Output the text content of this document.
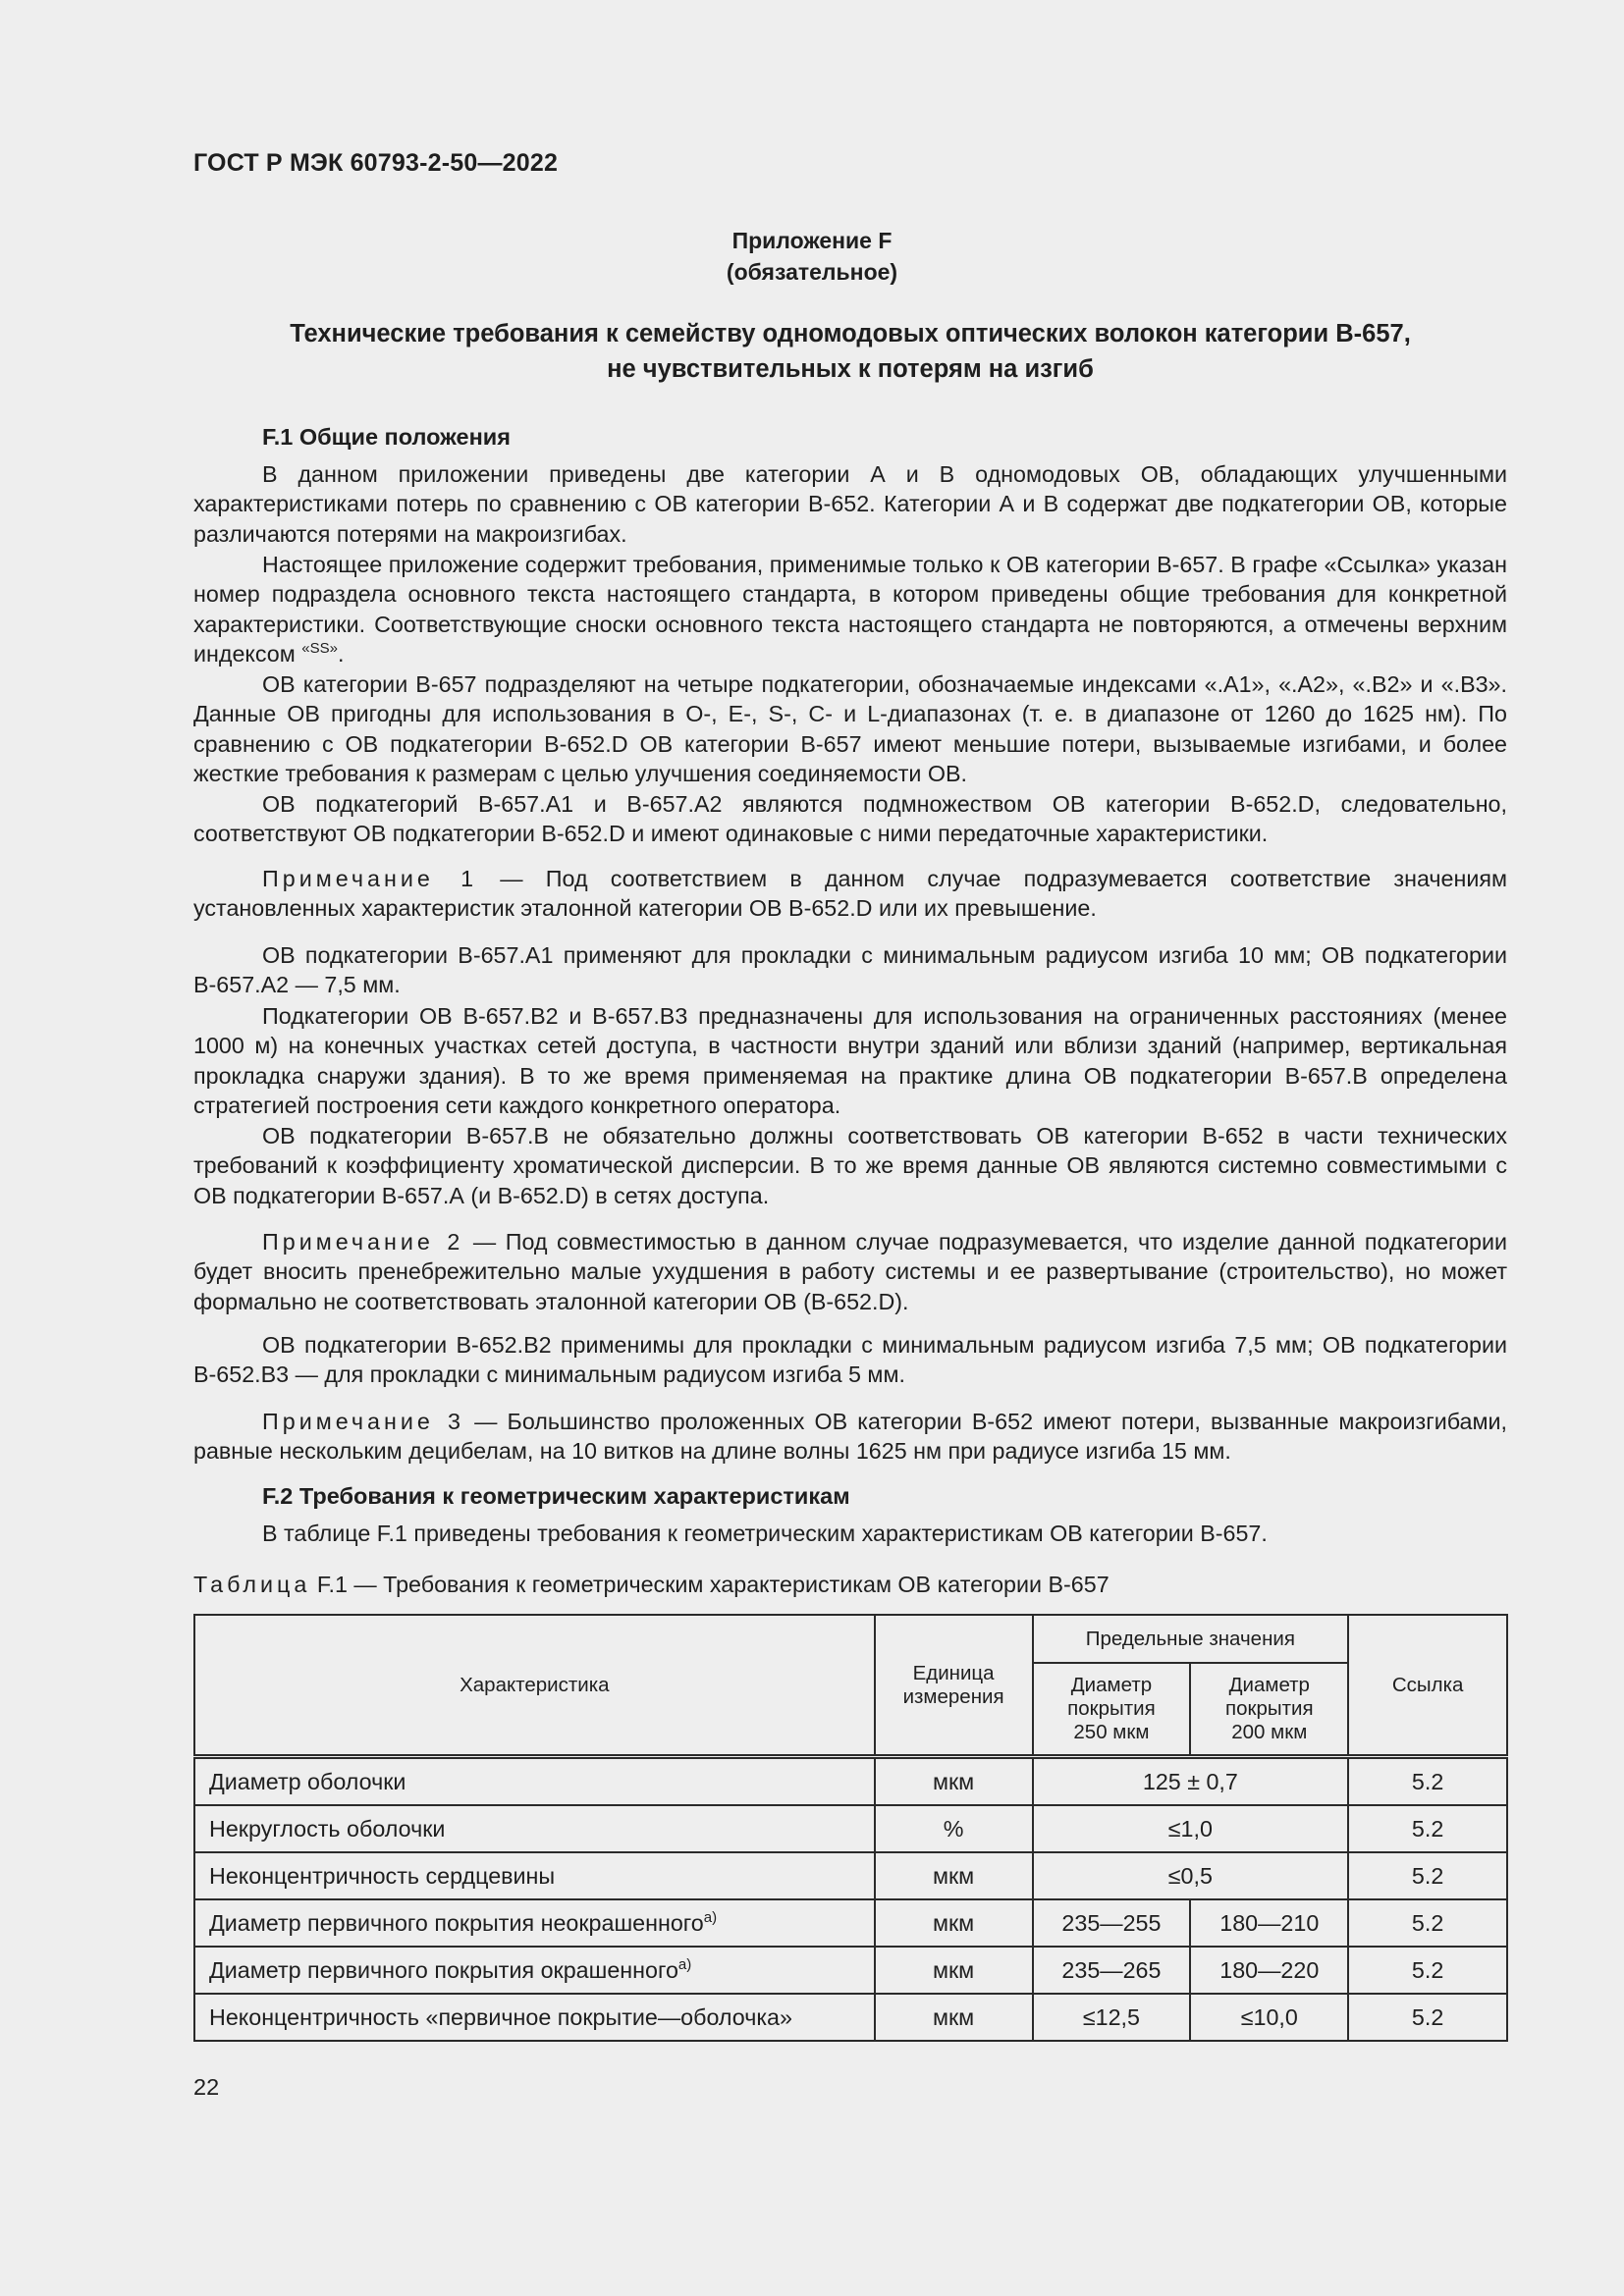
ГОСТ Р МЭК 60793-2-50—2022
Приложение F
(обязательное)
Технические требования к семейству одномодовых оптических волокон категории В-657,
не чувствительных к потерям на изгиб
F.1 Общие положения

В данном приложении приведены две категории А и В одномодовых ОВ, обладающих улучшенными характеристиками потерь по сравнению с ОВ категории В-652. Категории А и В содержат две подкатегории ОВ, которые различаются потерями на макроизгибах.

Настоящее приложение содержит требования, применимые только к ОВ категории В-657. В графе «Ссылка» указан номер подраздела основного текста настоящего стандарта, в котором приведены общие требования для конкретной характеристики. Соответствующие сноски основного текста настоящего стандарта не повторяются, а отмечены верхним индексом $^{«SS»}$.

ОВ категории В-657 подразделяют на четыре подкатегории, обозначаемые индексами «.А1», «.А2», «.В2» и «.В3». Данные ОВ пригодны для использования в О-, Е-, S-, С- и L-диапазонах (т. е. в диапазоне от 1260 до 1625 нм). По сравнению с ОВ подкатегории В-652.D ОВ категории В-657 имеют меньшие потери, вызываемые изгибами, и более жесткие требования к размерам с целью улучшения соединяемости ОВ.

ОВ подкатегорий В-657.А1 и В-657.А2 являются подмножеством ОВ категории В-652.D, следовательно, соответствуют ОВ подкатегории В-652.D и имеют одинаковые с ними передаточные характеристики.

Примечание 1 — Под соответствием в данном случае подразумевается соответствие значениям установленных характеристик эталонной категории ОВ В-652.D или их превышение.

ОВ подкатегории В-657.А1 применяют для прокладки с минимальным радиусом изгиба 10 мм; ОВ подкатегории В-657.А2 — 7,5 мм.

Подкатегории ОВ В-657.В2 и В-657.В3 предназначены для использования на ограниченных расстояниях (менее 1000 м) на конечных участках сетей доступа, в частности внутри зданий или вблизи зданий (например, вертикальная прокладка снаружи здания). В то же время применяемая на практике длина ОВ подкатегории В-657.В определена стратегией построения сети каждого конкретного оператора.

ОВ подкатегории В-657.В не обязательно должны соответствовать ОВ категории В-652 в части технических требований к коэффициенту хроматической дисперсии. В то же время данные ОВ являются системно совместимыми с ОВ подкатегории В-657.А (и В-652.D) в сетях доступа.

Примечание 2 — Под совместимостью в данном случае подразумевается, что изделие данной подкатегории будет вносить пренебрежительно малые ухудшения в работу системы и ее развертывание (строительство), но может формально не соответствовать эталонной категории ОВ (В-652.D).

ОВ подкатегории В-652.В2 применимы для прокладки с минимальным радиусом изгиба 7,5 мм; ОВ подкатегории В-652.В3 — для прокладки с минимальным радиусом изгиба 5 мм.

Примечание 3 — Большинство проложенных ОВ категории В-652 имеют потери, вызванные макроизгибами, равные нескольким децибелам, на 10 витков на длине волны 1625 нм при радиусе изгиба 15 мм.

F.2 Требования к геометрическим характеристикам

В таблице F.1 приведены требования к геометрическим характеристикам ОВ категории В-657.

Таблица F.1 — Требования к геометрическим характеристикам ОВ категории В-657
Характеристика	Единица измерения	Предельные значения		Ссылка

		Диаметр покрытия 250 мкм	Диаметр покрытия 200 мкм	

Диаметр оболочки	мкм	125 ± 0,7		5.2
Некруглость оболочки	%	≤1,0		5.2
Неконцентричность сердцевины	мкм	≤0,5		5.2
Диаметр первичного покрытия неокрашенного$^{а)}$	мкм	235—255	180—210	5.2
Диаметр первичного покрытия окрашенного$^{а)}$	мкм	235—265	180—220	5.2
Неконцентричность «первичное покрытие—оболочка»	мкм	≤12,5	≤10,0	5.2
22
